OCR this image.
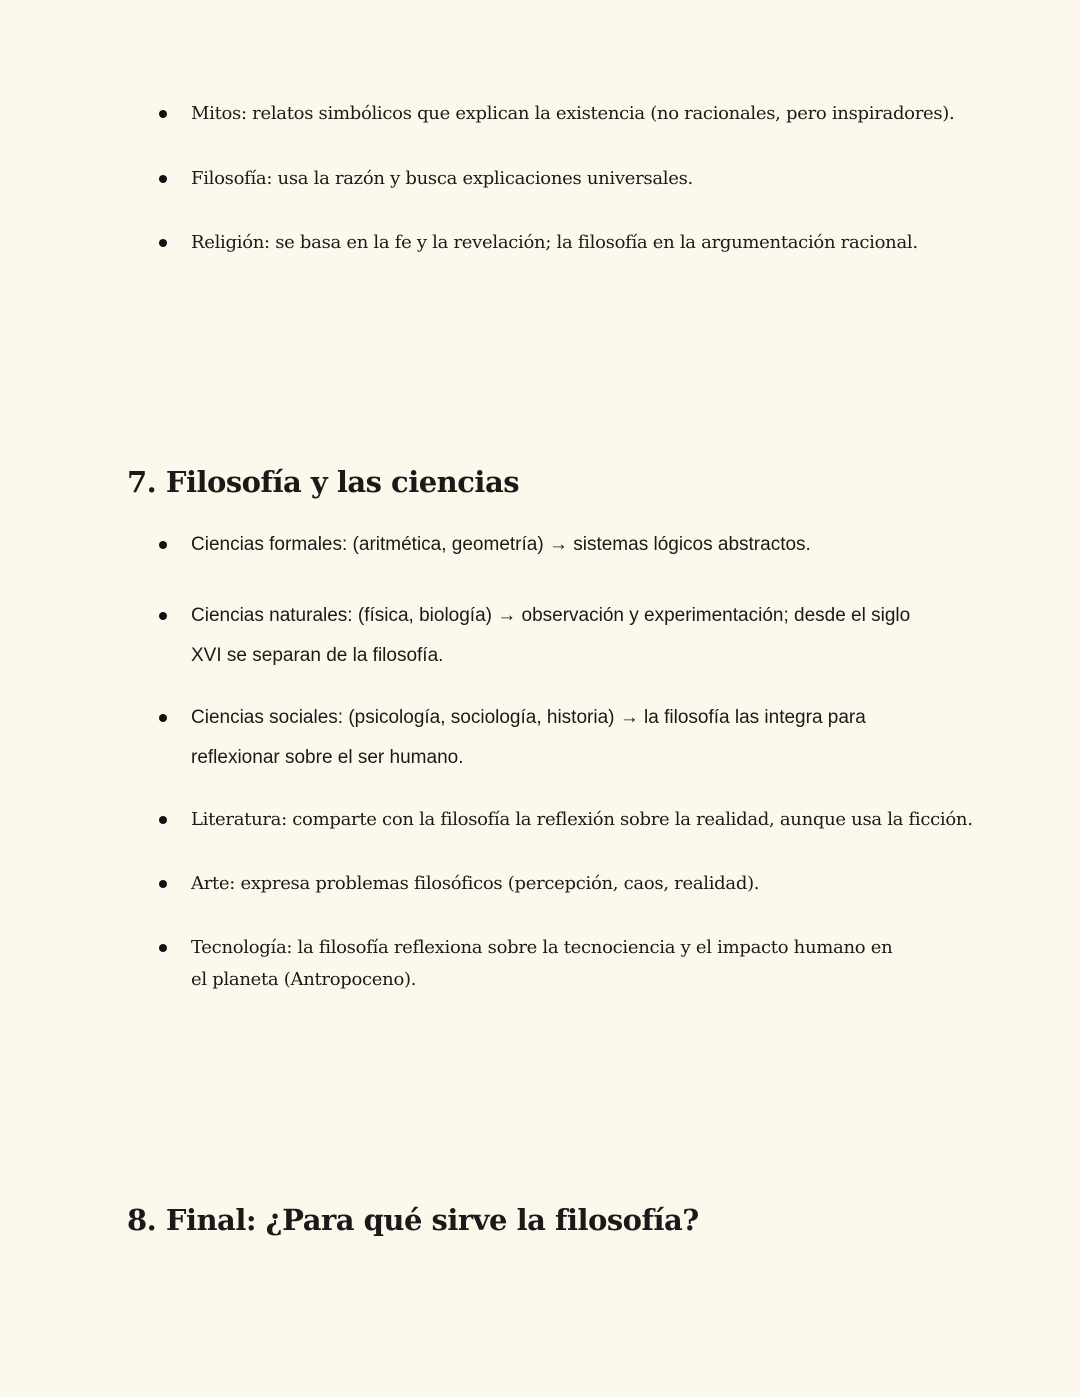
Mitos: relatos simbólicos que explican la existencia (no racionales, pero inspiradores).
Filosofía: usa la razón y busca explicaciones universales.
Religión: se basa en la fe y la revelación; la filosofía en la argumentación racional.
7. Filosofía y las ciencias
Ciencias formales: (aritmética, geometría) → sistemas lógicos abstractos.
Ciencias naturales: (física, biología) → observación y experimentación; desde el siglo XVI se separan de la filosofía.
Ciencias sociales: (psicología, sociología, historia) → la filosofía las integra para reflexionar sobre el ser humano.
Literatura: comparte con la filosofía la reflexión sobre la realidad, aunque usa la ficción.
Arte: expresa problemas filosóficos (percepción, caos, realidad).
Tecnología: la filosofía reflexiona sobre la tecnociencia y el impacto humano en el planeta (Antropoceno).
8. Final: ¿Para qué sirve la filosofía?
